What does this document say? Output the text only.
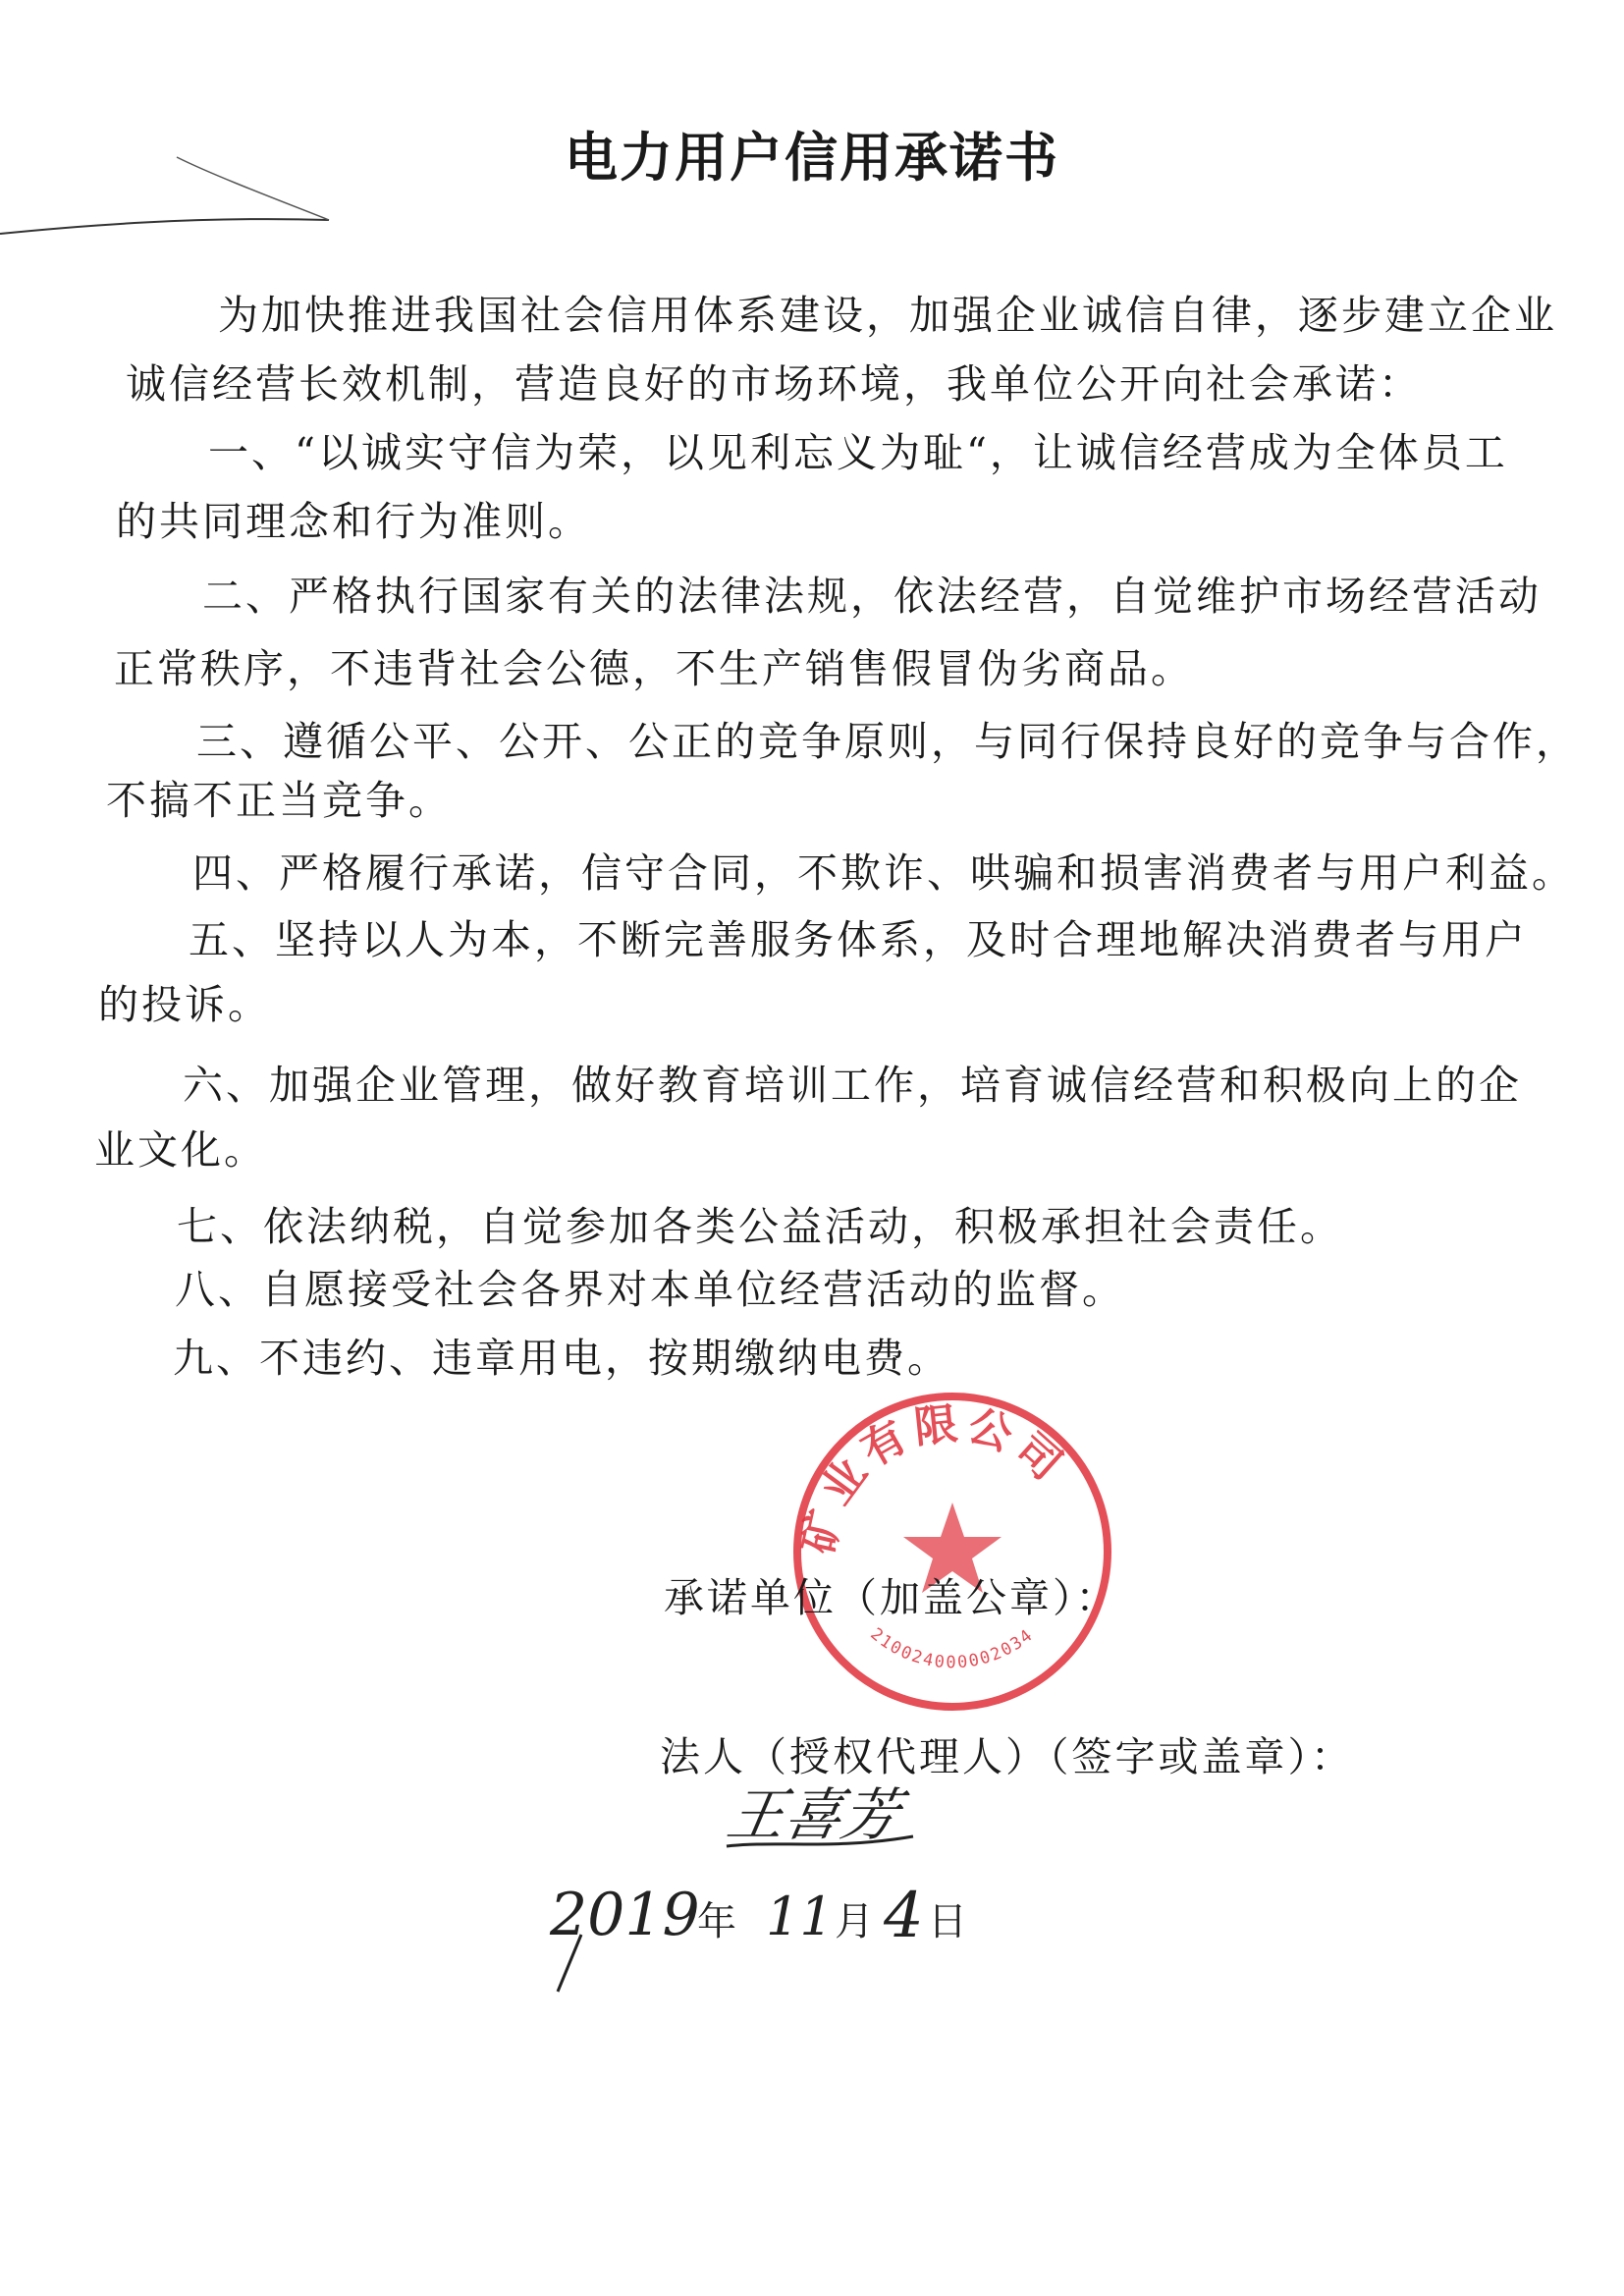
电力用户信用承诺书
为加快推进我国社会信用体系建设，加强企业诚信自律，逐步建立企业
诚信经营长效机制，营造良好的市场环境，我单位公开向社会承诺：
一、“以诚实守信为荣，以见利忘义为耻“，让诚信经营成为全体员工
的共同理念和行为准则。
二、严格执行国家有关的法律法规，依法经营，自觉维护市场经营活动
正常秩序，不违背社会公德，不生产销售假冒伪劣商品。
三、遵循公平、公开、公正的竞争原则，与同行保持良好的竞争与合作，
不搞不正当竞争。
四、严格履行承诺，信守合同，不欺诈、哄骗和损害消费者与用户利益。
五、坚持以人为本，不断完善服务体系，及时合理地解决消费者与用户
的投诉。
六、加强企业管理，做好教育培训工作，培育诚信经营和积极向上的企
业文化。
七、依法纳税，自觉参加各类公益活动，积极承担社会责任。
八、自愿接受社会各界对本单位经营活动的监督。
九、不违约、违章用电，按期缴纳电费。
矿业有限公司
210024000002034
承诺单位（加盖公章）：
法人（授权代理人）（签字或盖章）：
王喜芳
2019
年 11 月 4 日
